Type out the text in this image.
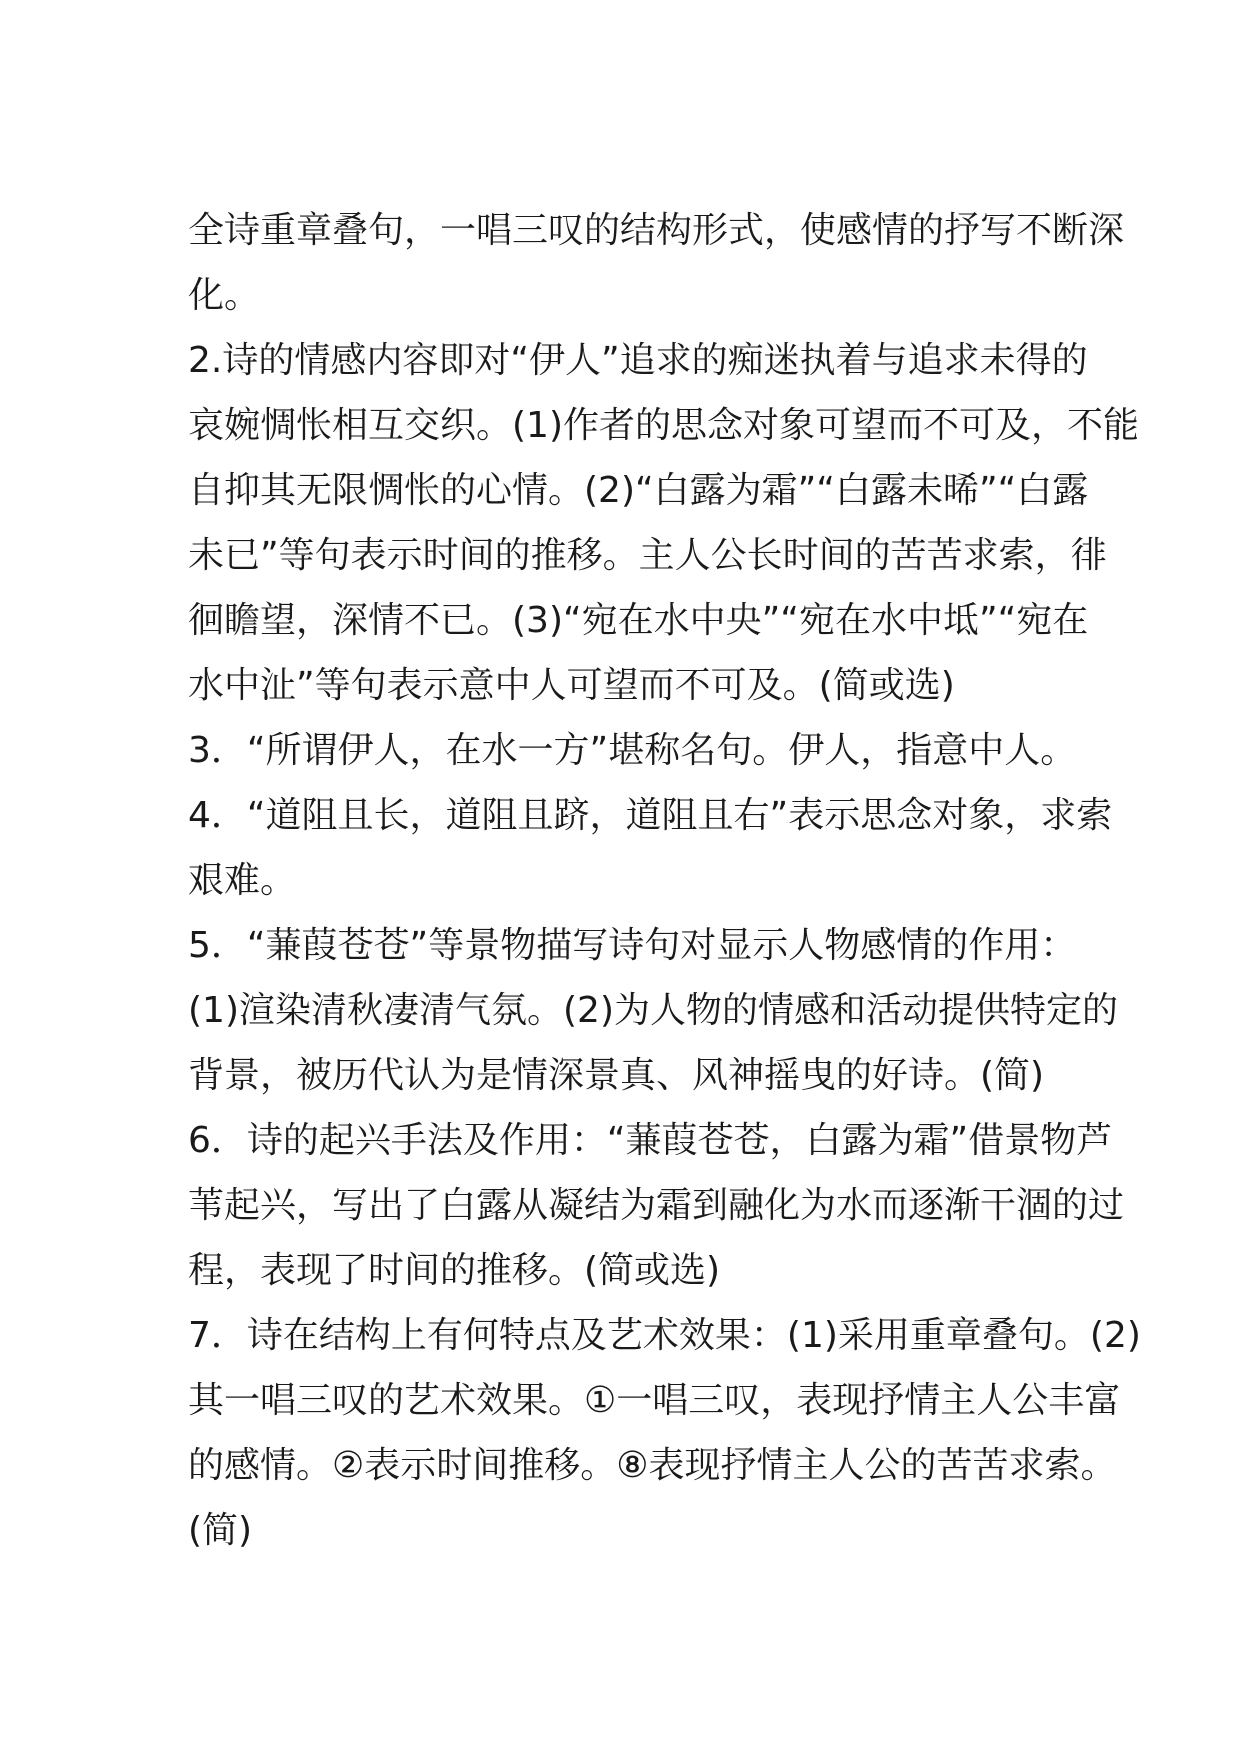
全诗重章叠句，一唱三叹的结构形式，使感情的抒写不断深
化。
2.诗的情感内容即对“伊人”追求的痴迷执着与追求未得的
哀婉惆怅相互交织。(1)作者的思念对象可望而不可及，不能
自抑其无限惆怅的心情。(2)“白露为霜”“白露未晞”“白露
未已”等句表示时间的推移。主人公长时间的苦苦求索，徘
徊瞻望，深情不已。(3)“宛在水中央”“宛在水中坻”“宛在
水中沚”等句表示意中人可望而不可及。(简或选)
3．“所谓伊人，在水一方”堪称名句。伊人，指意中人。
4．“道阻且长，道阻且跻，道阻且右”表示思念对象，求索
艰难。
5．“蒹葭苍苍”等景物描写诗句对显示人物感情的作用：
(1)渲染清秋凄清气氛。(2)为人物的情感和活动提供特定的
背景，被历代认为是情深景真、风神摇曳的好诗。(简)
6．诗的起兴手法及作用：“蒹葭苍苍，白露为霜”借景物芦
苇起兴，写出了白露从凝结为霜到融化为水而逐渐干涸的过
程，表现了时间的推移。(简或选)
7．诗在结构上有何特点及艺术效果：(1)采用重章叠句。(2)
其一唱三叹的艺术效果。①一唱三叹，表现抒情主人公丰富
的感情。②表示时间推移。⑧表现抒情主人公的苦苦求索。
(简)
